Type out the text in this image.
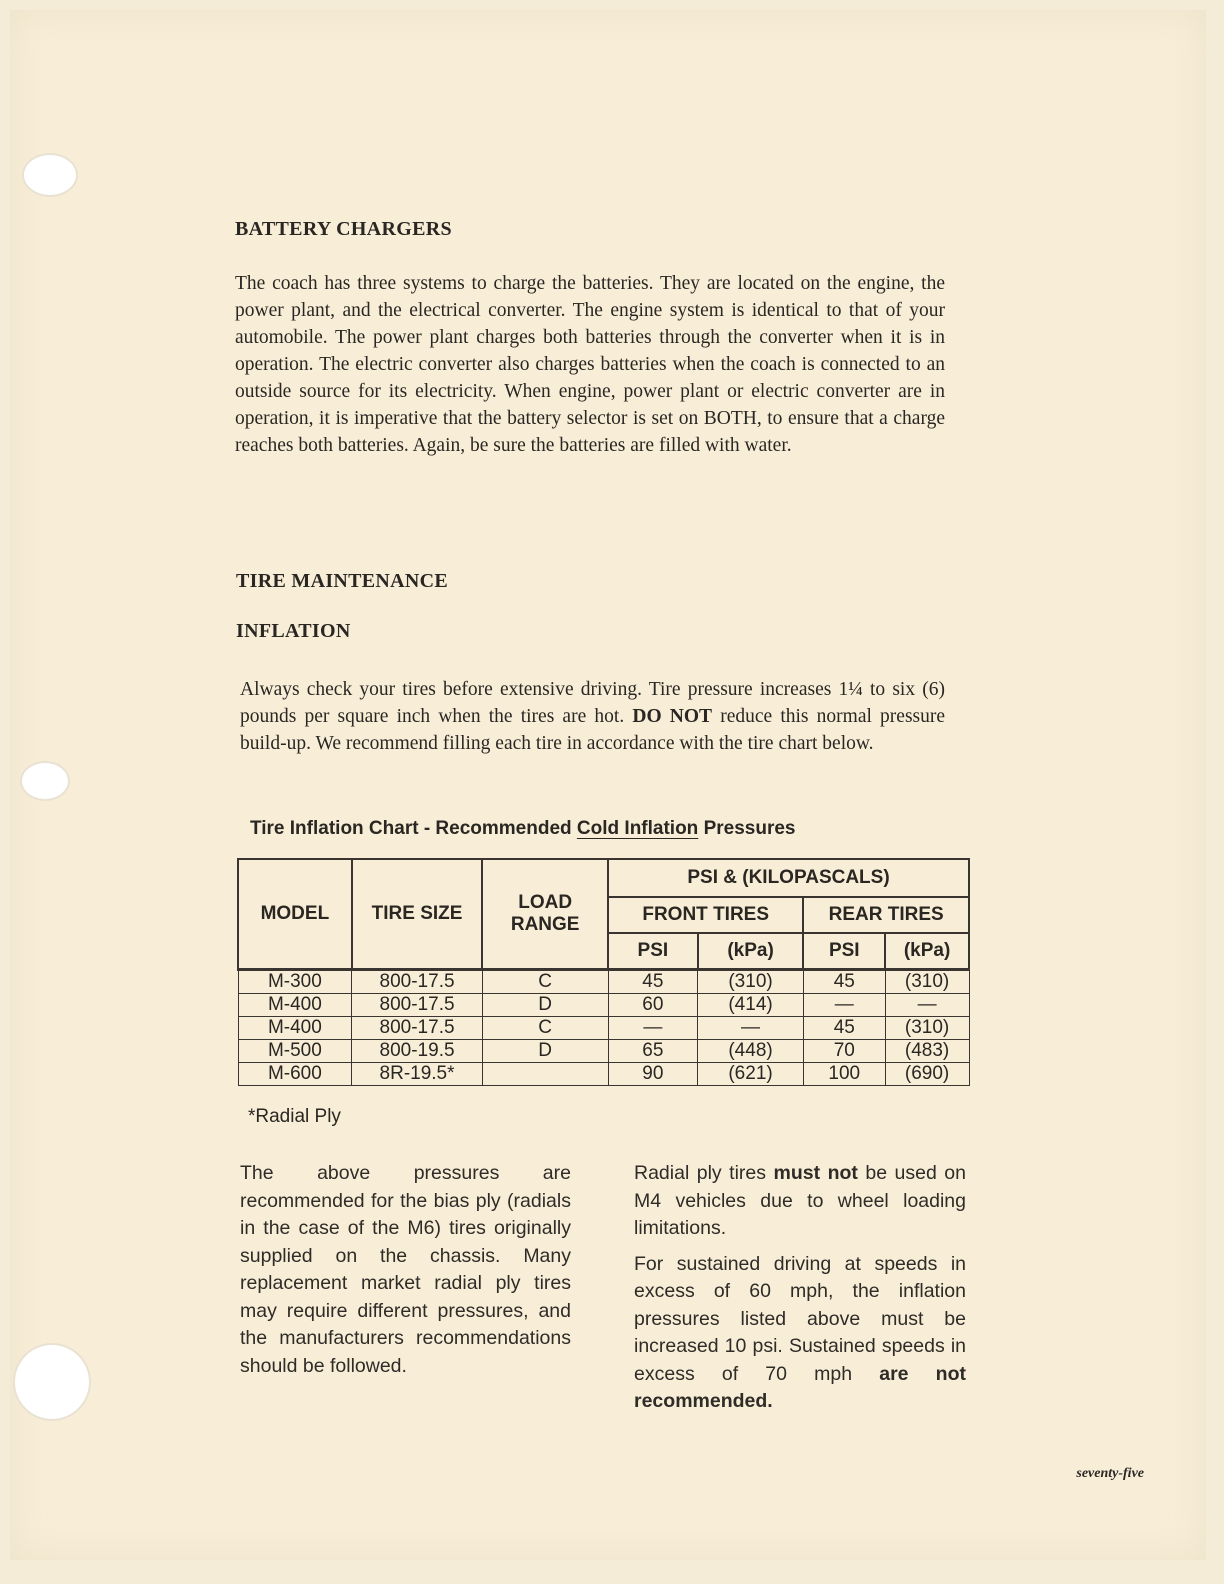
BATTERY CHARGERS

The coach has three systems to charge the batteries. They are located on the engine, the power plant, and the electrical converter. The engine system is identical to that of your automobile. The power plant charges both batteries through the converter when it is in operation. The electric converter also charges batteries when the coach is connected to an outside source for its electricity. When engine, power plant or electric converter are in operation, it is imperative that the battery selector is set on BOTH, to ensure that a charge reaches both batteries. Again, be sure the batteries are filled with water.

TIRE MAINTENANCE
INFLATION

Always check your tires before extensive driving. Tire pressure increases 1¼ to six (6) pounds per square inch when the tires are hot. DO NOT reduce this normal pressure build-up. We recommend filling each tire in accordance with the tire chart below.

Tire Inflation Chart - Recommended Cold Inflation Pressures

MODEL	TIRE SIZE	LOAD RANGE	PSI & (KILOPASCALS)			
			FRONT TIRES		REAR TIRES	
			PSI	(kPa)	PSI	(kPa)
M-300	800-17.5	C	45	(310)	45	(310)
M-400	800-17.5	D	60	(414)	—	—
M-400	800-17.5	C	—	—	45	(310)
M-500	800-19.5	D	65	(448)	70	(483)
M-600	8R-19.5*		90	(621)	100	(690)

*Radial Ply

The above pressures are recommended for the bias ply (radials in the case of the M6) tires originally supplied on the chassis. Many replacement market radial ply tires may require different pressures, and the manufacturers recommendations should be followed.

Radial ply tires must not be used on M4 vehicles due to wheel loading limitations.

For sustained driving at speeds in excess of 60 mph, the inflation pressures listed above must be increased 10 psi. Sustained speeds in excess of 70 mph are not recommended.

seventy-five
